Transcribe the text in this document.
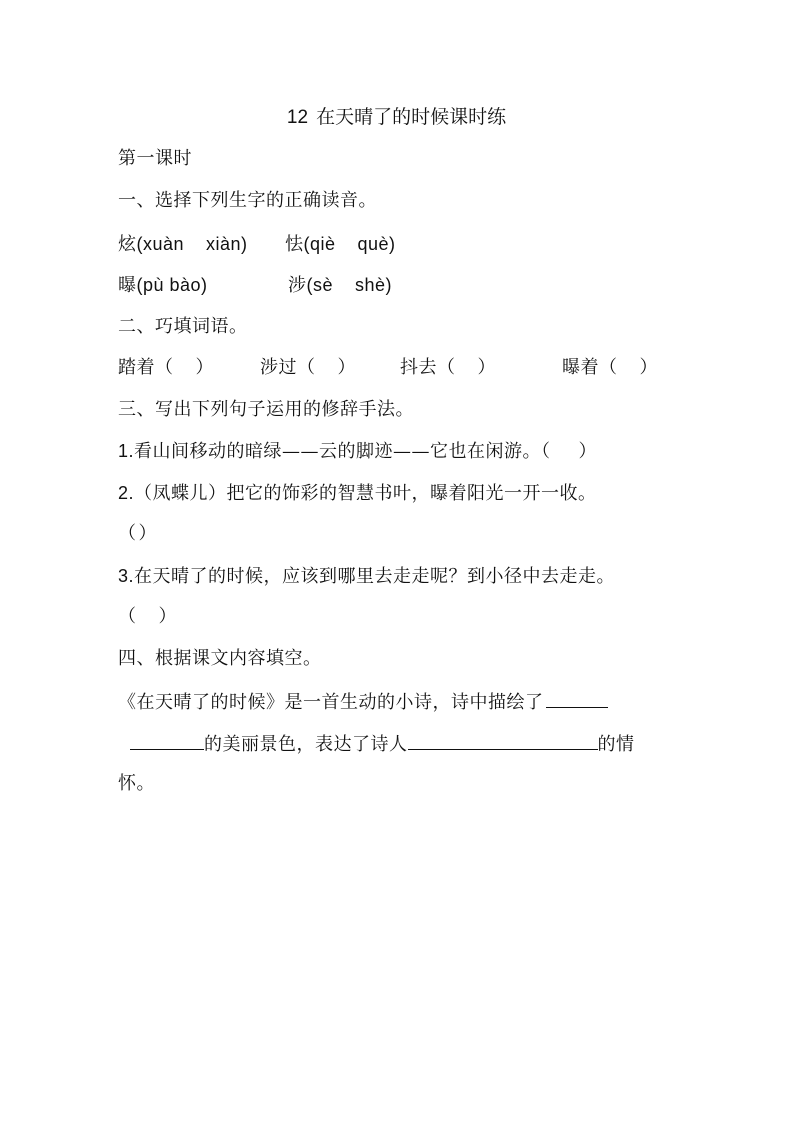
12 在天晴了的时候课时练
第一课时
一、选择下列生字的正确读音。
炫(xuàn    xiàn) 怯(qiè    què)
曝(pù bào)	涉(sè    shè)
二、巧填词语。
踏着（ ）	涉过（ ） 抖去（ ）	曝着（ ）
三、写出下列句子运用的修辞手法。
1.看山间移动的暗绿——云的脚迹——它也在闲游。（ ）
2.（凤蝶儿）把它的饰彩的智慧书叶，曝着阳光一开一收。
（ ）
3.在天晴了的时候，应该到哪里去走走呢？到小径中去走走。
（ ）
四、根据课文内容填空。
《在天晴了的时候》是一首生动的小诗，诗中描绘了
的美丽景色，表达了诗人	的情
怀。
